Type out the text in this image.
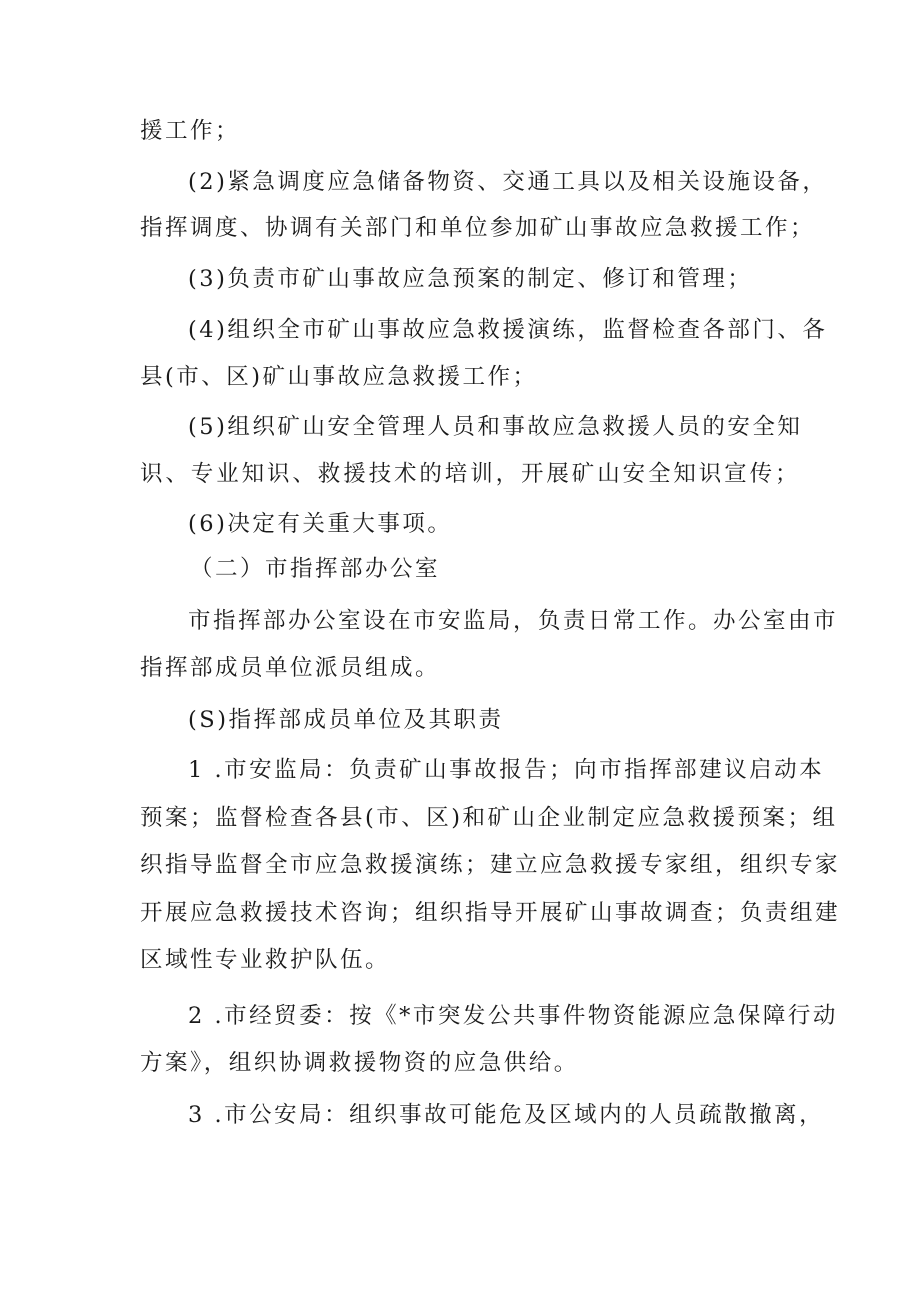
援工作；
(2)紧急调度应急储备物资、交通工具以及相关设施设备，
指挥调度、协调有关部门和单位参加矿山事故应急救援工作；
(3)负责市矿山事故应急预案的制定、修订和管理；
(4)组织全市矿山事故应急救援演练，监督检查各部门、各
县(市、区)矿山事故应急救援工作；
(5)组织矿山安全管理人员和事故应急救援人员的安全知
识、专业知识、救援技术的培训，开展矿山安全知识宣传；
(6)决定有关重大事项。
（二）市指挥部办公室
市指挥部办公室设在市安监局，负责日常工作。办公室由市
指挥部成员单位派员组成。
(S)指挥部成员单位及其职责
1 .市安监局：负责矿山事故报告；向市指挥部建议启动本
预案；监督检查各县(市、区)和矿山企业制定应急救援预案；组
织指导监督全市应急救援演练；建立应急救援专家组，组织专家
开展应急救援技术咨询；组织指导开展矿山事故调查；负责组建
区域性专业救护队伍。
2 .市经贸委：按《*市突发公共事件物资能源应急保障行动
方案》，组织协调救援物资的应急供给。
3 .市公安局：组织事故可能危及区域内的人员疏散撤离，
